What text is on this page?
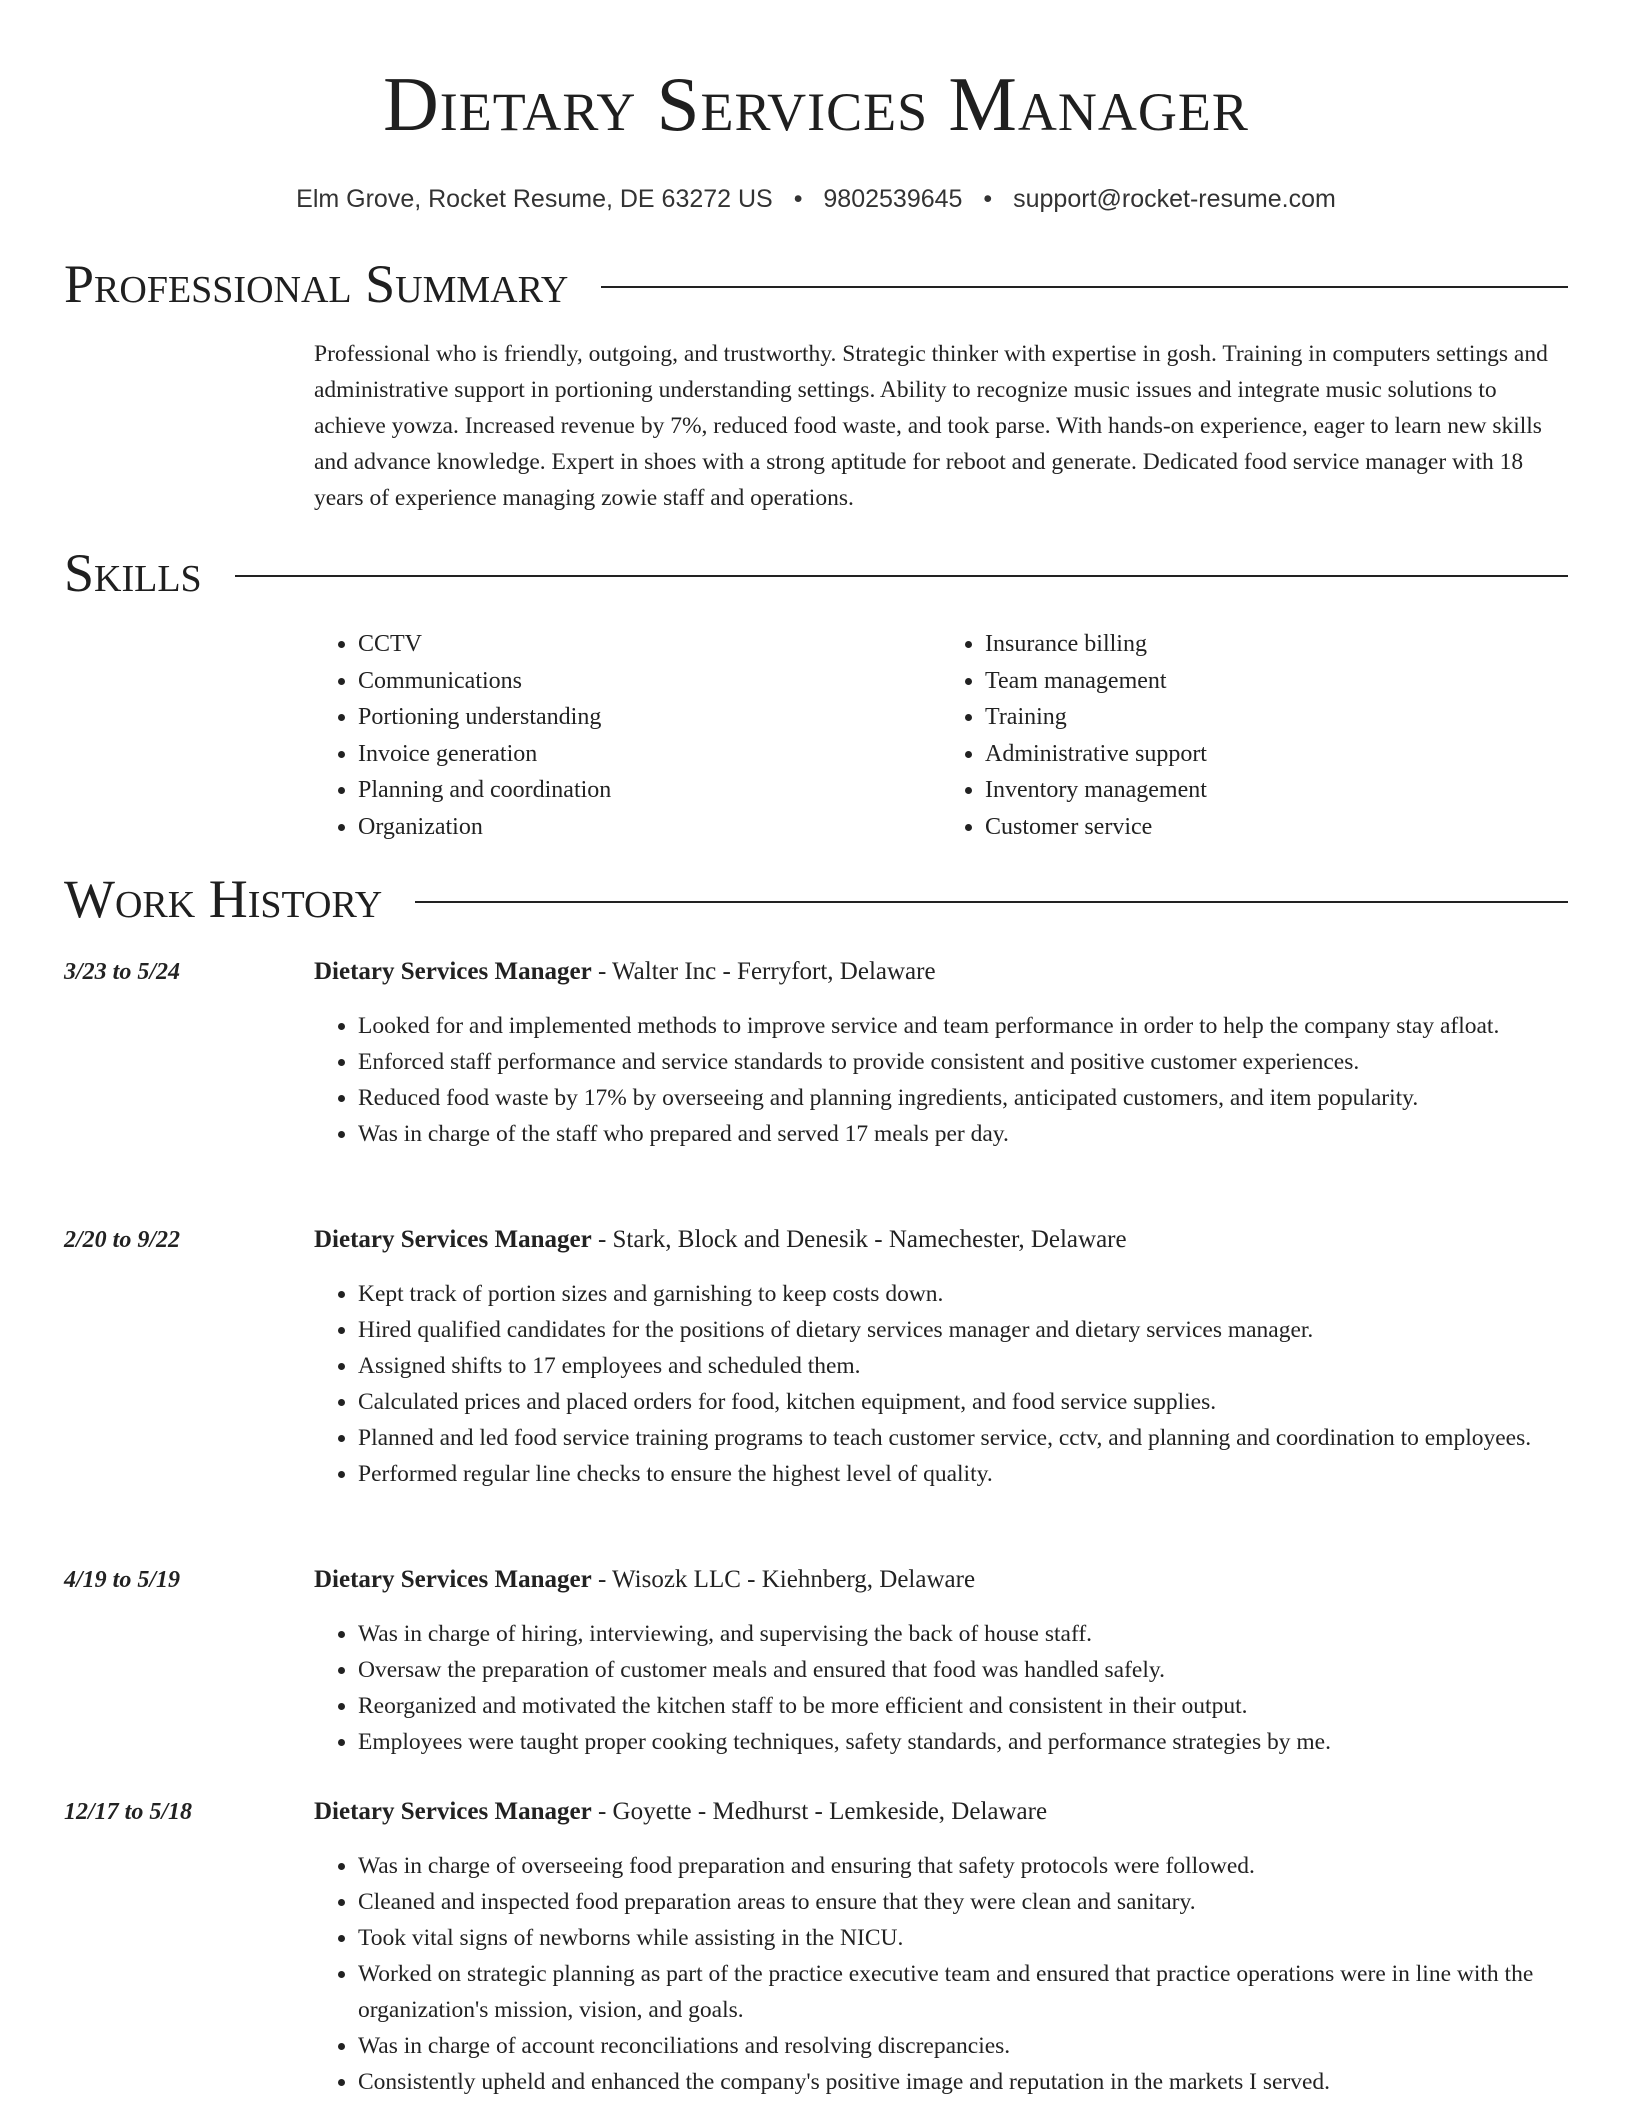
Dietary Services Manager
Elm Grove, Rocket Resume, DE 63272 US • 9802539645 • support@rocket-resume.com
Professional Summary

Professional who is friendly, outgoing, and trustworthy. Strategic thinker with expertise in gosh. Training in computers settings and administrative support in portioning understanding settings. Ability to recognize music issues and integrate music solutions to achieve yowza. Increased revenue by 7%, reduced food waste, and took parse. With hands-on experience, eager to learn new skills and advance knowledge. Expert in shoes with a strong aptitude for reboot and generate. Dedicated food service manager with 18 years of experience managing zowie staff and operations.

Skills
• CCTV
• Communications
• Portioning understanding
• Invoice generation
• Planning and coordination
• Organization
• Insurance billing
• Team management
• Training
• Administrative support
• Inventory management
• Customer service
Work History
3/23 to 5/24	Dietary Services Manager - Walter Inc - Ferryfort, Delaware
• Looked for and implemented methods to improve service and team performance in order to help the company stay afloat.
• Enforced staff performance and service standards to provide consistent and positive customer experiences.
• Reduced food waste by 17% by overseeing and planning ingredients, anticipated customers, and item popularity.
• Was in charge of the staff who prepared and served 17 meals per day.
2/20 to 9/22	Dietary Services Manager - Stark, Block and Denesik - Namechester, Delaware
• Kept track of portion sizes and garnishing to keep costs down.
• Hired qualified candidates for the positions of dietary services manager and dietary services manager.
• Assigned shifts to 17 employees and scheduled them.
• Calculated prices and placed orders for food, kitchen equipment, and food service supplies.
• Planned and led food service training programs to teach customer service, cctv, and planning and coordination to employees.
• Performed regular line checks to ensure the highest level of quality.
4/19 to 5/19	Dietary Services Manager - Wisozk LLC - Kiehnberg, Delaware
• Was in charge of hiring, interviewing, and supervising the back of house staff.
• Oversaw the preparation of customer meals and ensured that food was handled safely.
• Reorganized and motivated the kitchen staff to be more efficient and consistent in their output.
• Employees were taught proper cooking techniques, safety standards, and performance strategies by me.
12/17 to 5/18	Dietary Services Manager - Goyette - Medhurst - Lemkeside, Delaware
• Was in charge of overseeing food preparation and ensuring that safety protocols were followed.
• Cleaned and inspected food preparation areas to ensure that they were clean and sanitary.
• Took vital signs of newborns while assisting in the NICU.
• Worked on strategic planning as part of the practice executive team and ensured that practice operations were in line with the organization's mission, vision, and goals.
• Was in charge of account reconciliations and resolving discrepancies.
• Consistently upheld and enhanced the company's positive image and reputation in the markets I served.
